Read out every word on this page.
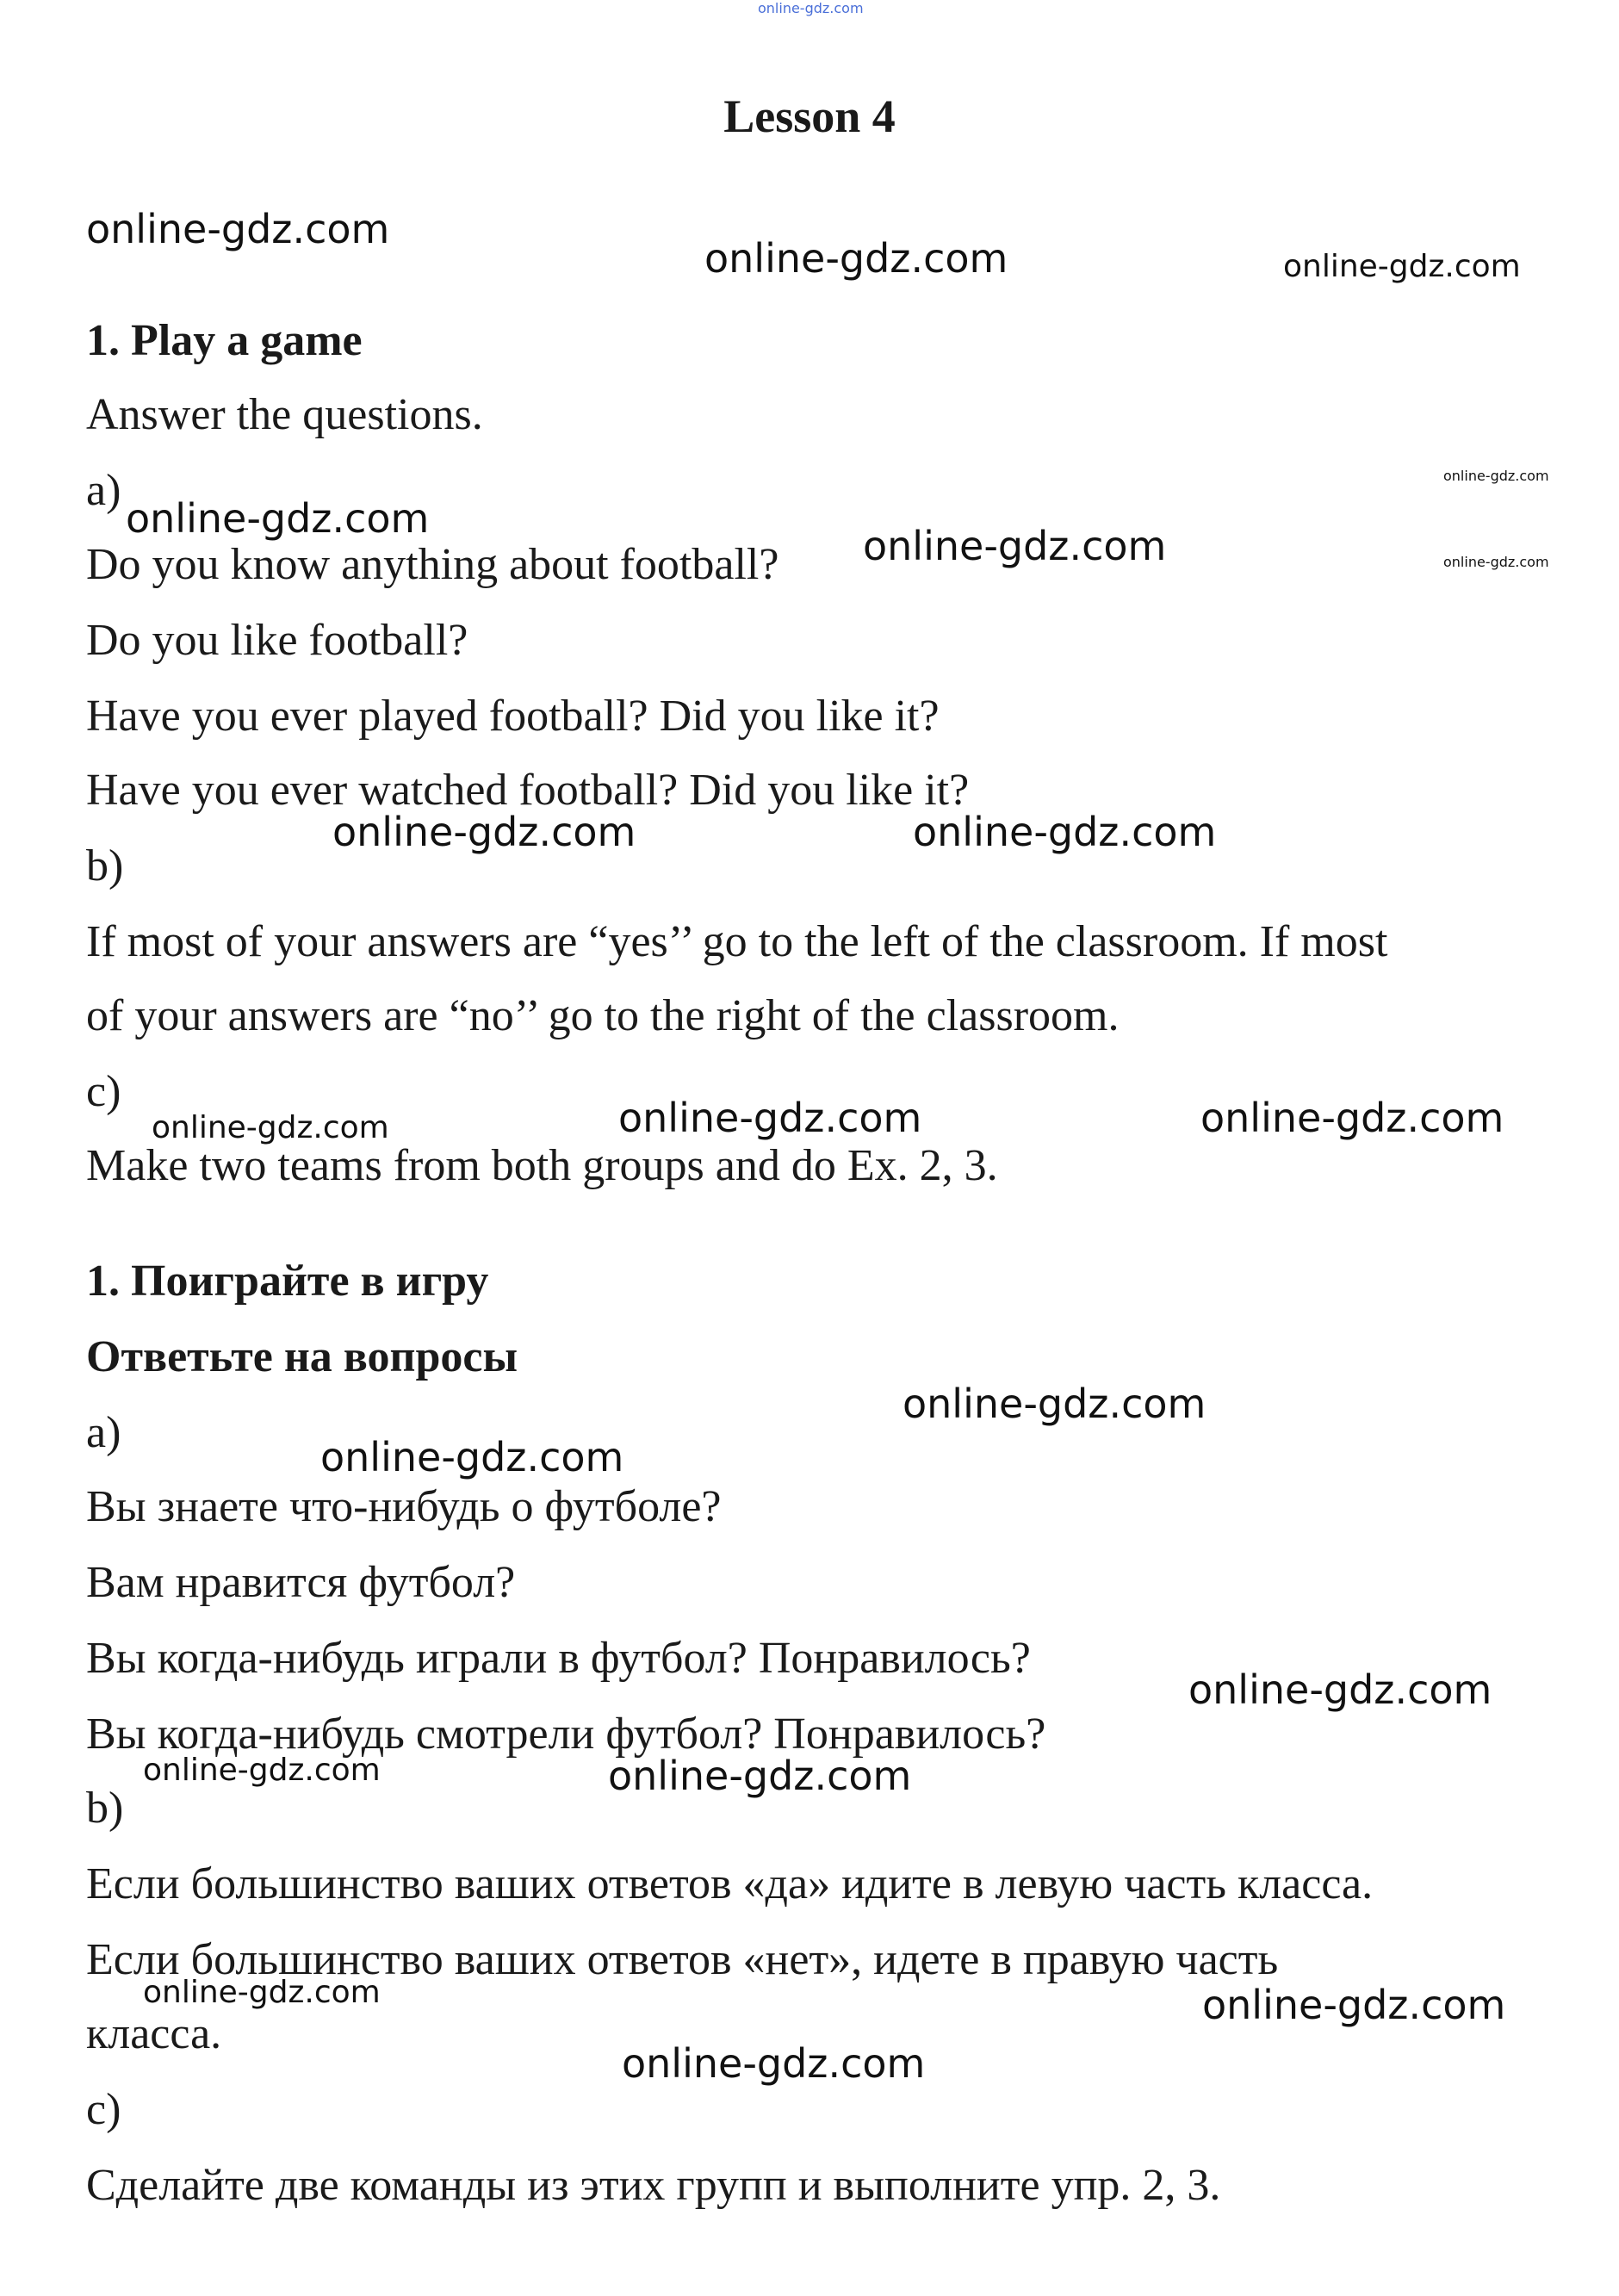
Lesson 4
1. Play a game
Answer the questions.
a)
Do you know anything about football?
Do you like football?
Have you ever played football? Did you like it?
Have you ever watched football? Did you like it?
b)
If most of your answers are “yes’’ go to the left of the classroom. If most
of your answers are “no’’ go to the right of the classroom.
c)
Make two teams from both groups and do Ex. 2, 3.
1. Поиграйте в игру
Ответьте на вопросы
а)
Вы знаете что-нибудь о футболе?
Вам нравится футбол?
Вы когда-нибудь играли в футбол? Понравилось?
Вы когда-нибудь смотрели футбол? Понравилось?
b)
Если большинство ваших ответов «да» идите в левую часть класса.
Если большинство ваших ответов «нет», идете в правую часть
класса.
c)
Сделайте две команды из этих групп и выполните упр. 2, 3.
online-gdz.com
online-gdz.com
online-gdz.com	online-gdz.com
online-gdz.com
online-gdz.com
online-gdz.com
online-gdz.com
online-gdz.com	online-gdz.com
online-gdz.com	online-gdz.com	online-gdz.com
online-gdz.com
online-gdz.com
online-gdz.com
online-gdz.com	online-gdz.com
online-gdz.com	online-gdz.com
online-gdz.com
